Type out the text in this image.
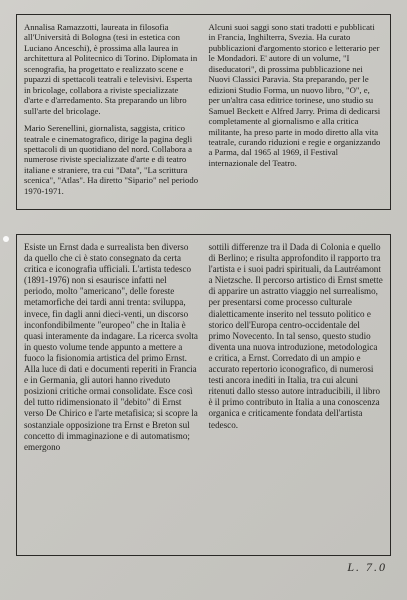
Annalisa Ramazzotti, laureata in filosofia all'Università di Bologna (tesi in estetica con Luciano Anceschi), è prossima alla laurea in architettura al Politecnico di Torino. Diplomata in scenografia, ha progettato e realizzato scene e pupazzi di spettacoli teatrali e televisivi. Esperta in bricolage, collabora a riviste specializzate d'arte e d'arredamento. Sta preparando un libro sull'arte del bricolage.

Mario Serenellini, giornalista, saggista, critico teatrale e cinematografico, dirige la pagina degli spettacoli di un quotidiano del nord. Collabora a numerose riviste specializzate d'arte e di teatro italiane e straniere, tra cui "Data", "La scrittura scenica", "Atlas". Ha diretto "Sipario" nel periodo 1970-1971.

Alcuni suoi saggi sono stati tradotti e pubblicati in Francia, Inghilterra, Svezia. Ha curato pubblicazioni d'argomento storico e letterario per le Mondadori. E' autore di un volume, "I diseducatori", di prossima pubblicazione nei Nuovi Classici Paravia. Sta preparando, per le edizioni Studio Forma, un nuovo libro, "O", e, per un'altra casa editrice torinese, uno studio su Samuel Beckett e Alfred Jarry. Prima di dedicarsi completamente al giornalismo e alla critica militante, ha preso parte in modo diretto alla vita teatrale, curando riduzioni e regie e organizzando a Parma, dal 1965 al 1969, il Festival internazionale del Teatro.

Esiste un Ernst dada e surrealista ben diverso da quello che ci è stato consegnato da certa critica e iconografia ufficiali. L'artista tedesco (1891-1976) non si esaurisce infatti nel periodo, molto "americano", delle foreste metamorfiche dei tardi anni trenta: sviluppa, invece, fin dagli anni dieci-venti, un discorso inconfondibilmente "europeo" che in Italia è quasi interamente da indagare. La ricerca svolta in questo volume tende appunto a mettere a fuoco la fisionomia artistica del primo Ernst. Alla luce di dati e documenti reperiti in Francia e in Germania, gli autori hanno riveduto posizioni critiche ormai consolidate. Esce così del tutto ridimensionato il "debito" di Ernst verso De Chirico e l'arte metafisica; si scopre la sostanziale opposizione tra Ernst e Breton sul concetto di immaginazione e di automatismo; emergono

sottili differenze tra il Dada di Colonia e quello di Berlino; e risulta approfondito il rapporto tra l'artista e i suoi padri spirituali, da Lautréamont a Nietzsche. Il percorso artistico di Ernst smette di apparire un astratto viaggio nel surrealismo, per presentarsi come processo culturale dialetticamente inserito nel tessuto politico e storico dell'Europa centro-occidentale del primo Novecento. In tal senso, questo studio diventa una nuova introduzione, metodologica e critica, a Ernst. Corredato di un ampio e accurato repertorio iconografico, di numerosi testi ancora inediti in Italia, tra cui alcuni ritenuti dallo stesso autore intraducibili, il libro è il primo contributo in Italia a una conoscenza organica e criticamente fondata dell'artista tedesco.

L. 7.0
